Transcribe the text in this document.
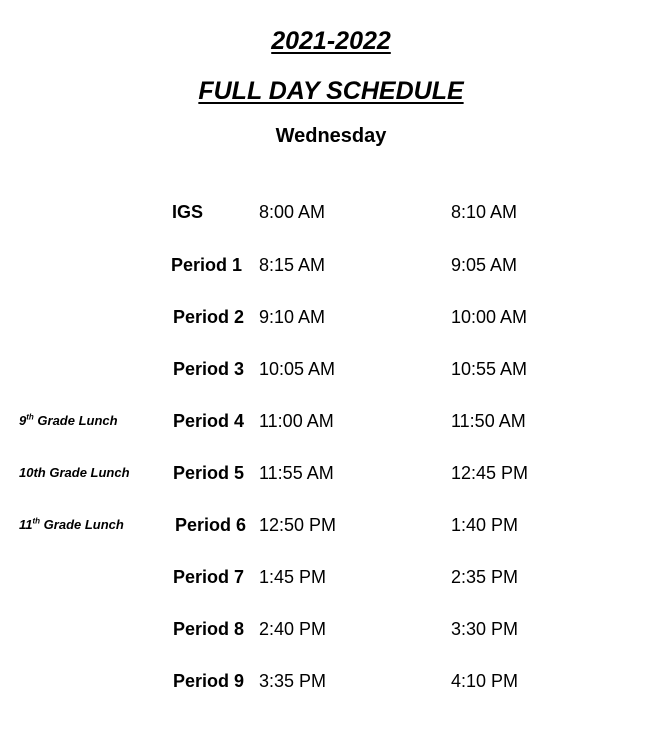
2021-2022
FULL DAY SCHEDULE
Wednesday
IGS	8:00 AM	8:10 AM
Period 1 8:15 AM	9:05 AM
Period 2 9:10 AM	10:00 AM
Period 3 10:05 AM	10:55 AM
9th Grade Lunch	Period 4 11:00 AM	11:50 AM
10th Grade Lunch Period 5 11:55 AM	12:45 PM
11th Grade Lunch	Period 6 12:50 PM	1:40 PM
Period 7 1:45 PM	2:35 PM
Period 8 2:40 PM	3:30 PM
Period 9 3:35 PM	4:10 PM
